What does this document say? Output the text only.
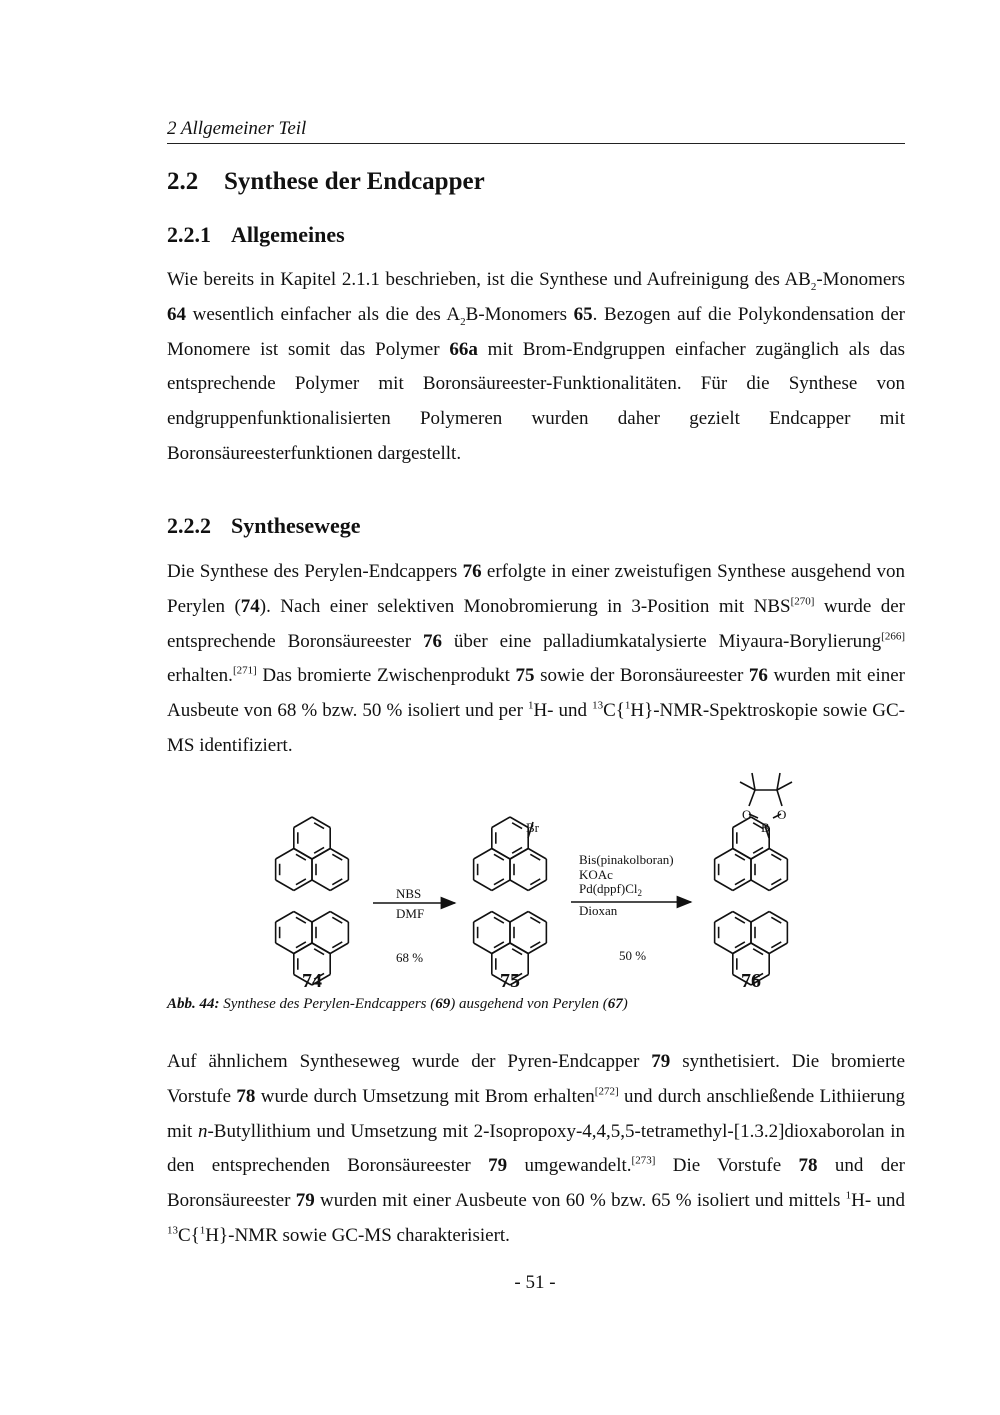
2 Allgemeiner Teil
2.2 Synthese der Endcapper
2.2.1 Allgemeines

Wie bereits in Kapitel 2.1.1 beschrieben, ist die Synthese und Aufreinigung des $AB_2$-Monomers 64 wesentlich einfacher als die des $A_2B$-Monomers 65. Bezogen auf die Polykondensation der Monomere ist somit das Polymer 66a mit Brom-Endgruppen einfacher zugänglich als das entsprechende Polymer mit Boronsäureester-Funktionalitäten. Für die Synthese von endgruppenfunktionalisierten Polymeren wurden daher gezielt Endcapper mit Boronsäureesterfunktionen dargestellt.

2.2.2 Synthesewege

Die Synthese des Perylen-Endcappers 76 erfolgte in einer zweistufigen Synthese ausgehend von Perylen (74). Nach einer selektiven Monobromierung in 3-Position mit NBS[270] wurde der entsprechende Boronsäureester 76 über eine palladiumkatalysierte Miyaura-Borylierung[266] erhalten.[271] Das bromierte Zwischenprodukt 75 sowie der Boronsäureester 76 wurden mit einer Ausbeute von 68 % bzw. 50 % isoliert und per $^1$H- und $^{13}$C{$^1$H}-NMR-Spektroskopie sowie GC-MS identifiziert.

NBS
DMF
68 %
Bis(pinakolboran)
KOAc
$Pd(dppf)Cl_2$
Dioxan
50 %
Br
O O
B
74	75	76
Abb. 44: Synthese des Perylen-Endcappers (69) ausgehend von Perylen (67)

Auf ähnlichem Syntheseweg wurde der Pyren-Endcapper 79 synthetisiert. Die bromierte Vorstufe 78 wurde durch Umsetzung mit Brom erhalten[272] und durch anschließende Lithiierung mit n-Butyllithium und Umsetzung mit 2-Isopropoxy-4,4,5,5-tetramethyl-[1.3.2]dioxaborolan in den entsprechenden Boronsäureester 79 umgewandelt.[273] Die Vorstufe 78 und der Boronsäureester 79 wurden mit einer Ausbeute von 60 % bzw. 65 % isoliert und mittels $^1$H- und $^{13}$C{$^1$H}-NMR sowie GC-MS charakterisiert.

- 51 -
